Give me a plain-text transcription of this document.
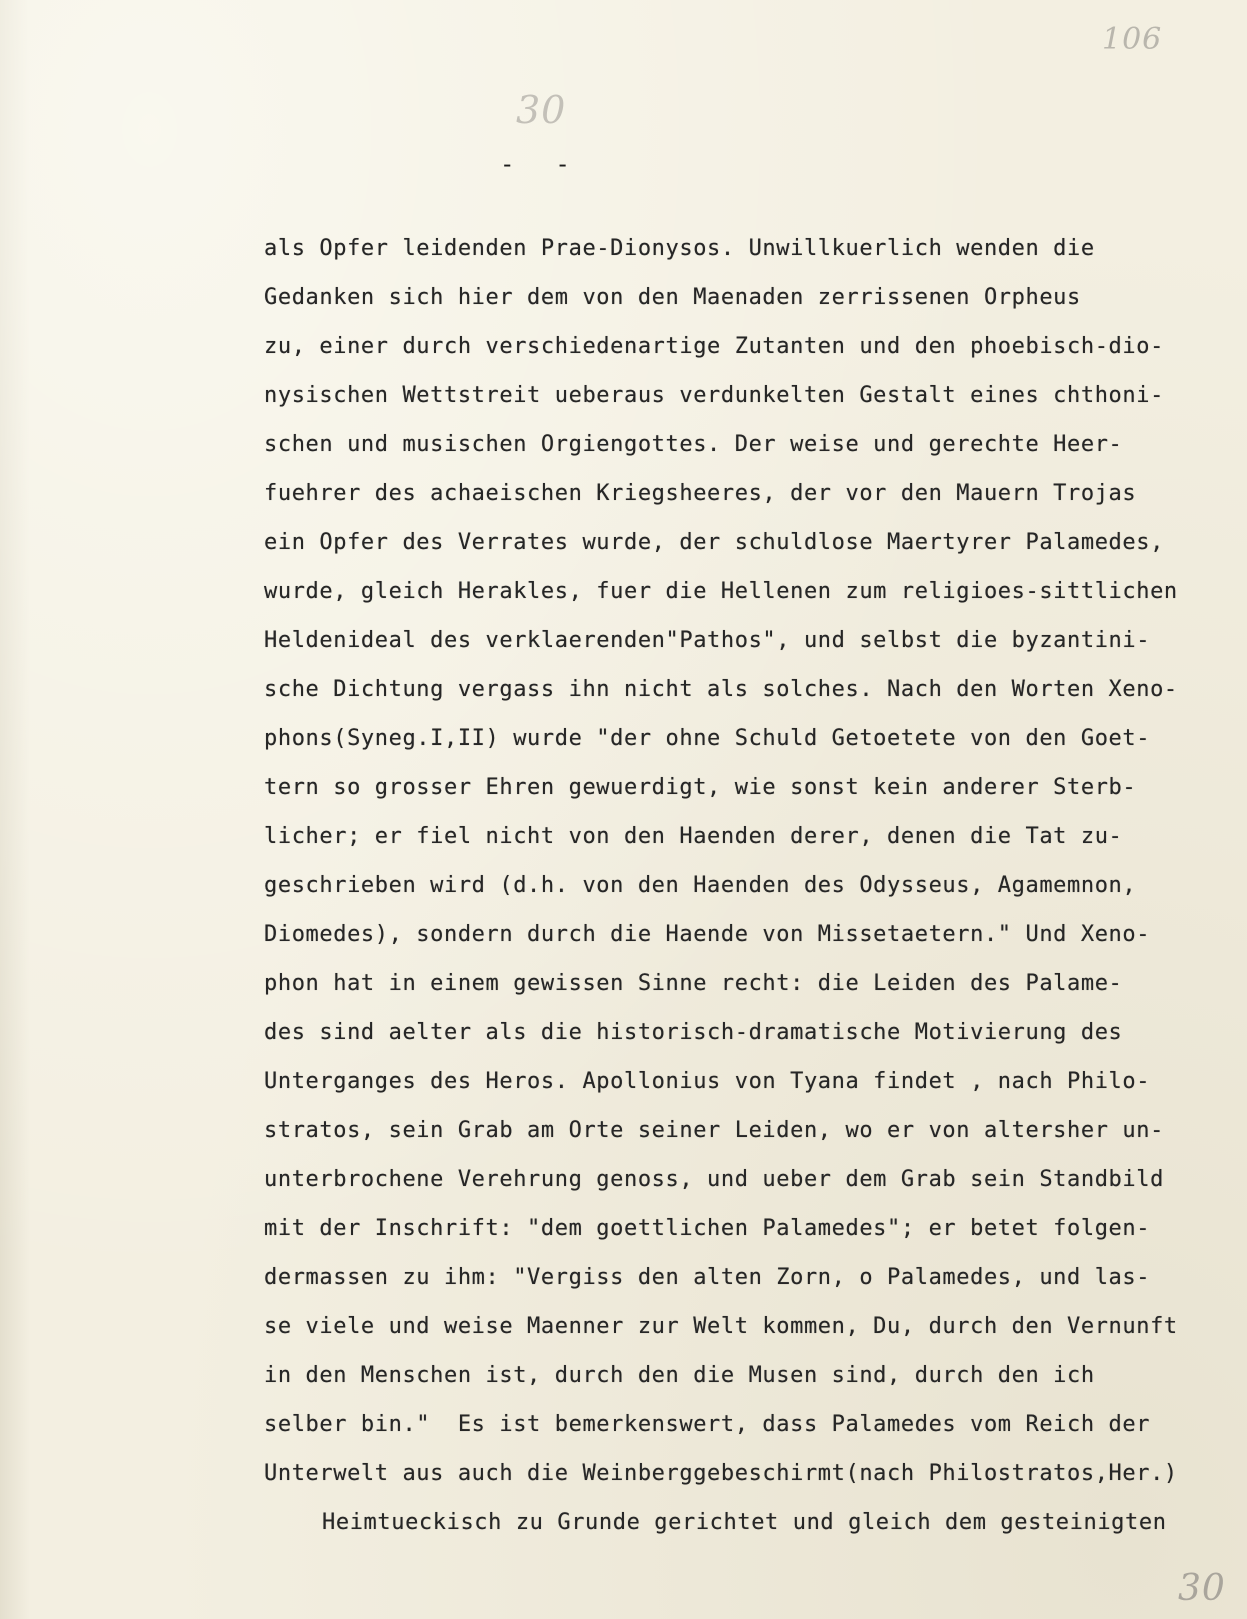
106
30
-  -
als Opfer leidenden Prae-Dionysos. Unwillkuerlich wenden die
Gedanken sich hier dem von den Maenaden zerrissenen Orpheus
zu, einer durch verschiedenartige Zutanten und den phoebisch-dio-
nysischen Wettstreit ueberaus verdunkelten Gestalt eines chthoni-
schen und musischen Orgiengottes. Der weise und gerechte Heer-
fuehrer des achaeischen Kriegsheeres, der vor den Mauern Trojas
ein Opfer des Verrates wurde, der schuldlose Maertyrer Palamedes,
wurde, gleich Herakles, fuer die Hellenen zum religioes-sittlichen
Heldenideal des verklaerenden"Pathos", und selbst die byzantini-
sche Dichtung vergass ihn nicht als solches. Nach den Worten Xeno-
phons(Syneg.I,II) wurde "der ohne Schuld Getoetete von den Goet-
tern so grosser Ehren gewuerdigt, wie sonst kein anderer Sterb-
licher; er fiel nicht von den Haenden derer, denen die Tat zu-
geschrieben wird (d.h. von den Haenden des Odysseus, Agamemnon,
Diomedes), sondern durch die Haende von Missetaetern." Und Xeno-
phon hat in einem gewissen Sinne recht: die Leiden des Palame-
des sind aelter als die historisch-dramatische Motivierung des
Unterganges des Heros. Apollonius von Tyana findet , nach Philo-
stratos, sein Grab am Orte seiner Leiden, wo er von altersher un-
unterbrochene Verehrung genoss, und ueber dem Grab sein Standbild
mit der Inschrift: "dem goettlichen Palamedes"; er betet folgen-
dermassen zu ihm: "Vergiss den alten Zorn, o Palamedes, und las-
se viele und weise Maenner zur Welt kommen, Du, durch den Vernunft
in den Menschen ist, durch den die Musen sind, durch den ich
selber bin."  Es ist bemerkenswert, dass Palamedes vom Reich der
Unterwelt aus auch die Weinberggebeschirmt(nach Philostratos,Her.)
Heimtueckisch zu Grunde gerichtet und gleich dem gesteinigten
30
